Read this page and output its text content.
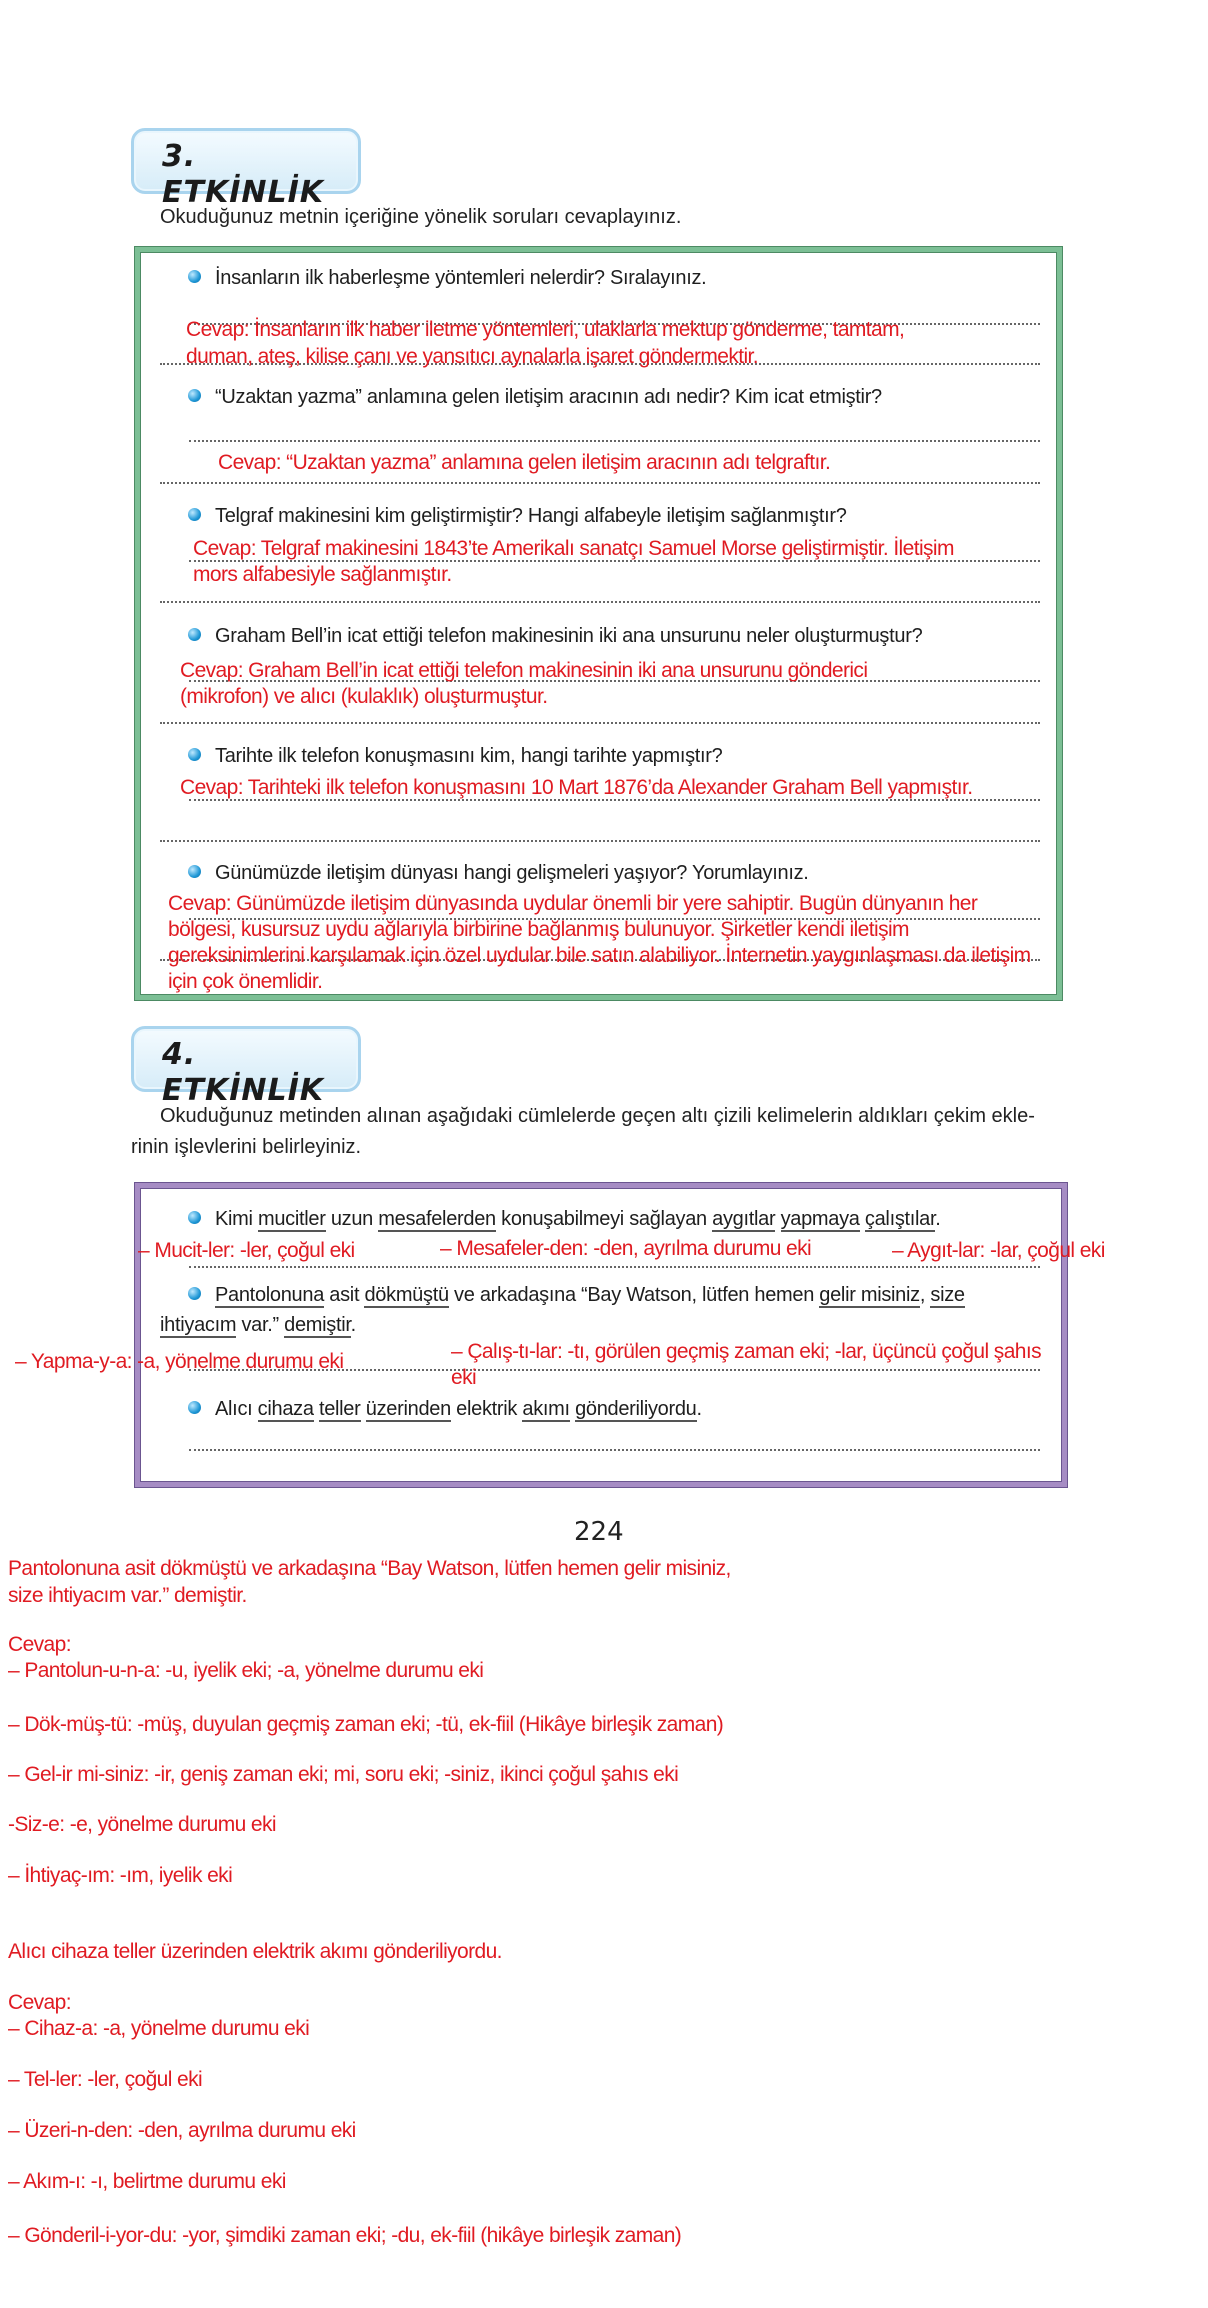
3. ETKİNLİK
Okuduğunuz metnin içeriğine yönelik soruları cevaplayınız.
İnsanların ilk haberleşme yöntemleri nelerdir? Sıralayınız.
Cevap: İnsanların ilk haber iletme yöntemleri, ulaklarla mektup gönderme, tamtam,
duman, ateş, kilise çanı ve yansıtıcı aynalarla işaret göndermektir.
“Uzaktan yazma” anlamına gelen iletişim aracının adı nedir? Kim icat etmiştir?
Cevap: “Uzaktan yazma” anlamına gelen iletişim aracının adı telgraftır.
Telgraf makinesini kim geliştirmiştir? Hangi alfabeyle iletişim sağlanmıştır?
Cevap: Telgraf makinesini 1843’te Amerikalı sanatçı Samuel Morse geliştirmiştir. İletişim
mors alfabesiyle sağlanmıştır.
Graham Bell’in icat ettiği telefon makinesinin iki ana unsurunu neler oluşturmuştur?
Cevap: Graham Bell’in icat ettiği telefon makinesinin iki ana unsurunu gönderici
(mikrofon) ve alıcı (kulaklık) oluşturmuştur.
Tarihte ilk telefon konuşmasını kim, hangi tarihte yapmıştır?
Cevap: Tarihteki ilk telefon konuşmasını 10 Mart 1876’da Alexander Graham Bell yapmıştır.
Günümüzde iletişim dünyası hangi gelişmeleri yaşıyor? Yorumlayınız.
Cevap: Günümüzde iletişim dünyasında uydular önemli bir yere sahiptir. Bugün dünyanın her
bölgesi, kusursuz uydu ağlarıyla birbirine bağlanmış bulunuyor. Şirketler kendi iletişim
gereksinimlerini karşılamak için özel uydular bile satın alabiliyor. İnternetin yaygınlaşması da iletişim
için çok önemlidir.
4. ETKİNLİK
Okuduğunuz metinden alınan aşağıdaki cümlelerde geçen altı çizili kelimelerin aldıkları çekim ekle-
rinin işlevlerini belirleyiniz.
Kimi mucitler uzun mesafelerden konuşabilmeyi sağlayan aygıtlar yapmaya çalıştılar.
Pantolonuna asit dökmüştü ve arkadaşına “Bay Watson, lütfen hemen gelir misiniz, size
ihtiyacım var.” demiştir.
Alıcı cihaza teller üzerinden elektrik akımı gönderiliyordu.
– Mucit-ler: -ler, çoğul eki	– Mesafeler-den: -den, ayrılma durumu eki	– Aygıt-lar: -lar, çoğul eki
– Çalış-tı-lar: -tı, görülen geçmiş zaman eki; -lar, üçüncü çoğul şahıs
eki
– Yapma-y-a: -a, yönelme durumu eki
224
Pantolonuna asit dökmüştü ve arkadaşına “Bay Watson, lütfen hemen gelir misiniz,
size ihtiyacım var.” demiştir.
Cevap:
– Pantolun-u-n-a: -u, iyelik eki; -a, yönelme durumu eki
– Dök-müş-tü: -müş, duyulan geçmiş zaman eki; -tü, ek-fiil (Hikâye birleşik zaman)
– Gel-ir mi-siniz: -ir, geniş zaman eki; mi, soru eki; -siniz, ikinci çoğul şahıs eki
-Siz-e: -e, yönelme durumu eki
– İhtiyaç-ım: -ım, iyelik eki
Alıcı cihaza teller üzerinden elektrik akımı gönderiliyordu.
Cevap:
– Cihaz-a: -a, yönelme durumu eki
– Tel-ler: -ler, çoğul eki
– Üzeri-n-den: -den, ayrılma durumu eki
– Akım-ı: -ı, belirtme durumu eki
– Gönderil-i-yor-du: -yor, şimdiki zaman eki; -du, ek-fiil (hikâye birleşik zaman)
